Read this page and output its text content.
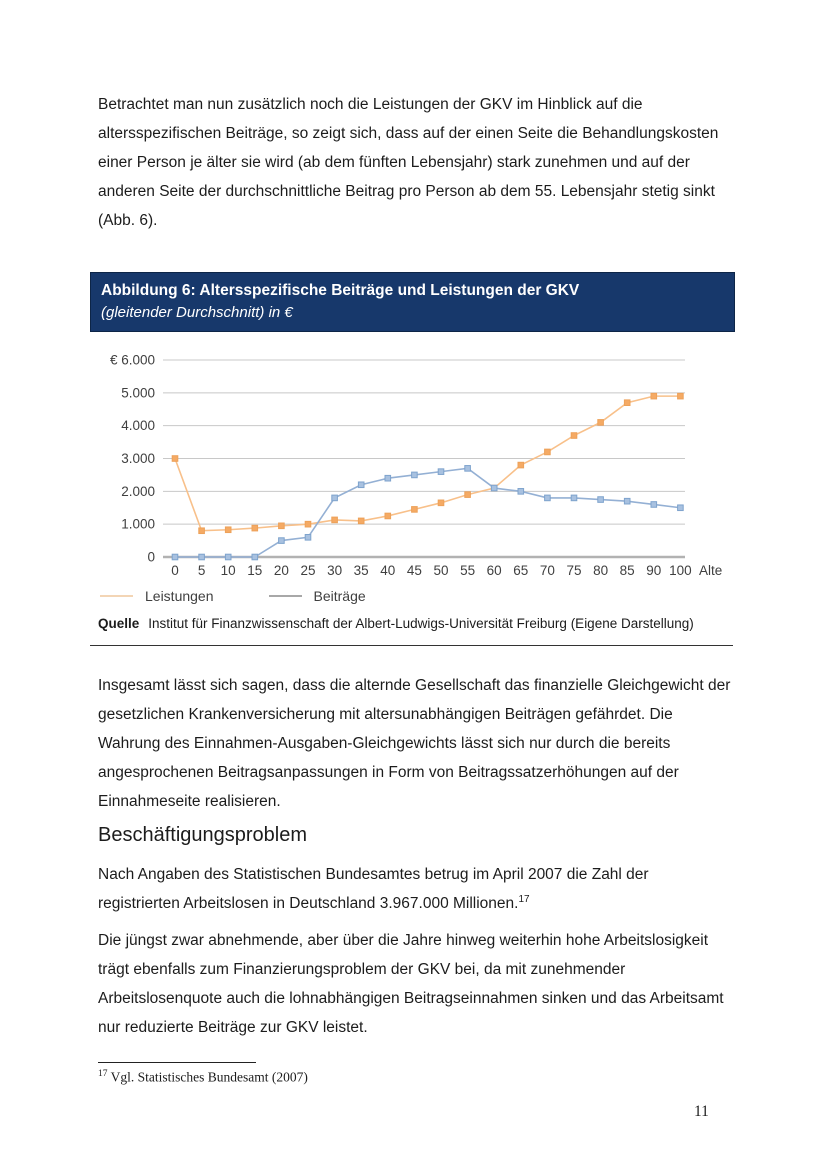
Betrachtet man nun zusätzlich noch die Leistungen der GKV im Hinblick auf die altersspezifischen Beiträge, so zeigt sich, dass auf der einen Seite die Behandlungskosten einer Person je älter sie wird (ab dem fünften Lebensjahr) stark zunehmen und auf der anderen Seite der durchschnittliche Beitrag pro Person ab dem 55. Lebensjahr stetig sinkt (Abb. 6).
Abbildung 6: Altersspezifische Beiträge und Leistungen der GKV
(gleitender Durchschnitt) in €
0
1.000
2.000
3.000
4.000
5.000
€ 6.000
0 5 10 15 20 25 30 35 40 45 50 55 60 65 70 75 80 85 90 100 Alte
Leistungen	Beiträge
Quelle Institut für Finanzwissenschaft der Albert-Ludwigs-Universität Freiburg (Eigene Darstellung)
Insgesamt lässt sich sagen, dass die alternde Gesellschaft das finanzielle Gleichgewicht der gesetzlichen Krankenversicherung mit altersunabhängigen Beiträgen gefährdet. Die Wahrung des Einnahmen-Ausgaben-Gleichgewichts lässt sich nur durch die bereits angesprochenen Beitragsanpassungen in Form von Beitragssatzerhöhungen auf der Einnahmeseite realisieren.
Beschäftigungsproblem
Nach Angaben des Statistischen Bundesamtes betrug im April 2007 die Zahl der registrierten Arbeitslosen in Deutschland 3.967.000 Millionen.$^{17}$
Die jüngst zwar abnehmende, aber über die Jahre hinweg weiterhin hohe Arbeitslosigkeit trägt ebenfalls zum Finanzierungsproblem der GKV bei, da mit zunehmender Arbeitslosenquote auch die lohnabhängigen Beitragseinnahmen sinken und das Arbeitsamt nur reduzierte Beiträge zur GKV leistet.
$^{17}$ Vgl. Statistisches Bundesamt (2007)
11
